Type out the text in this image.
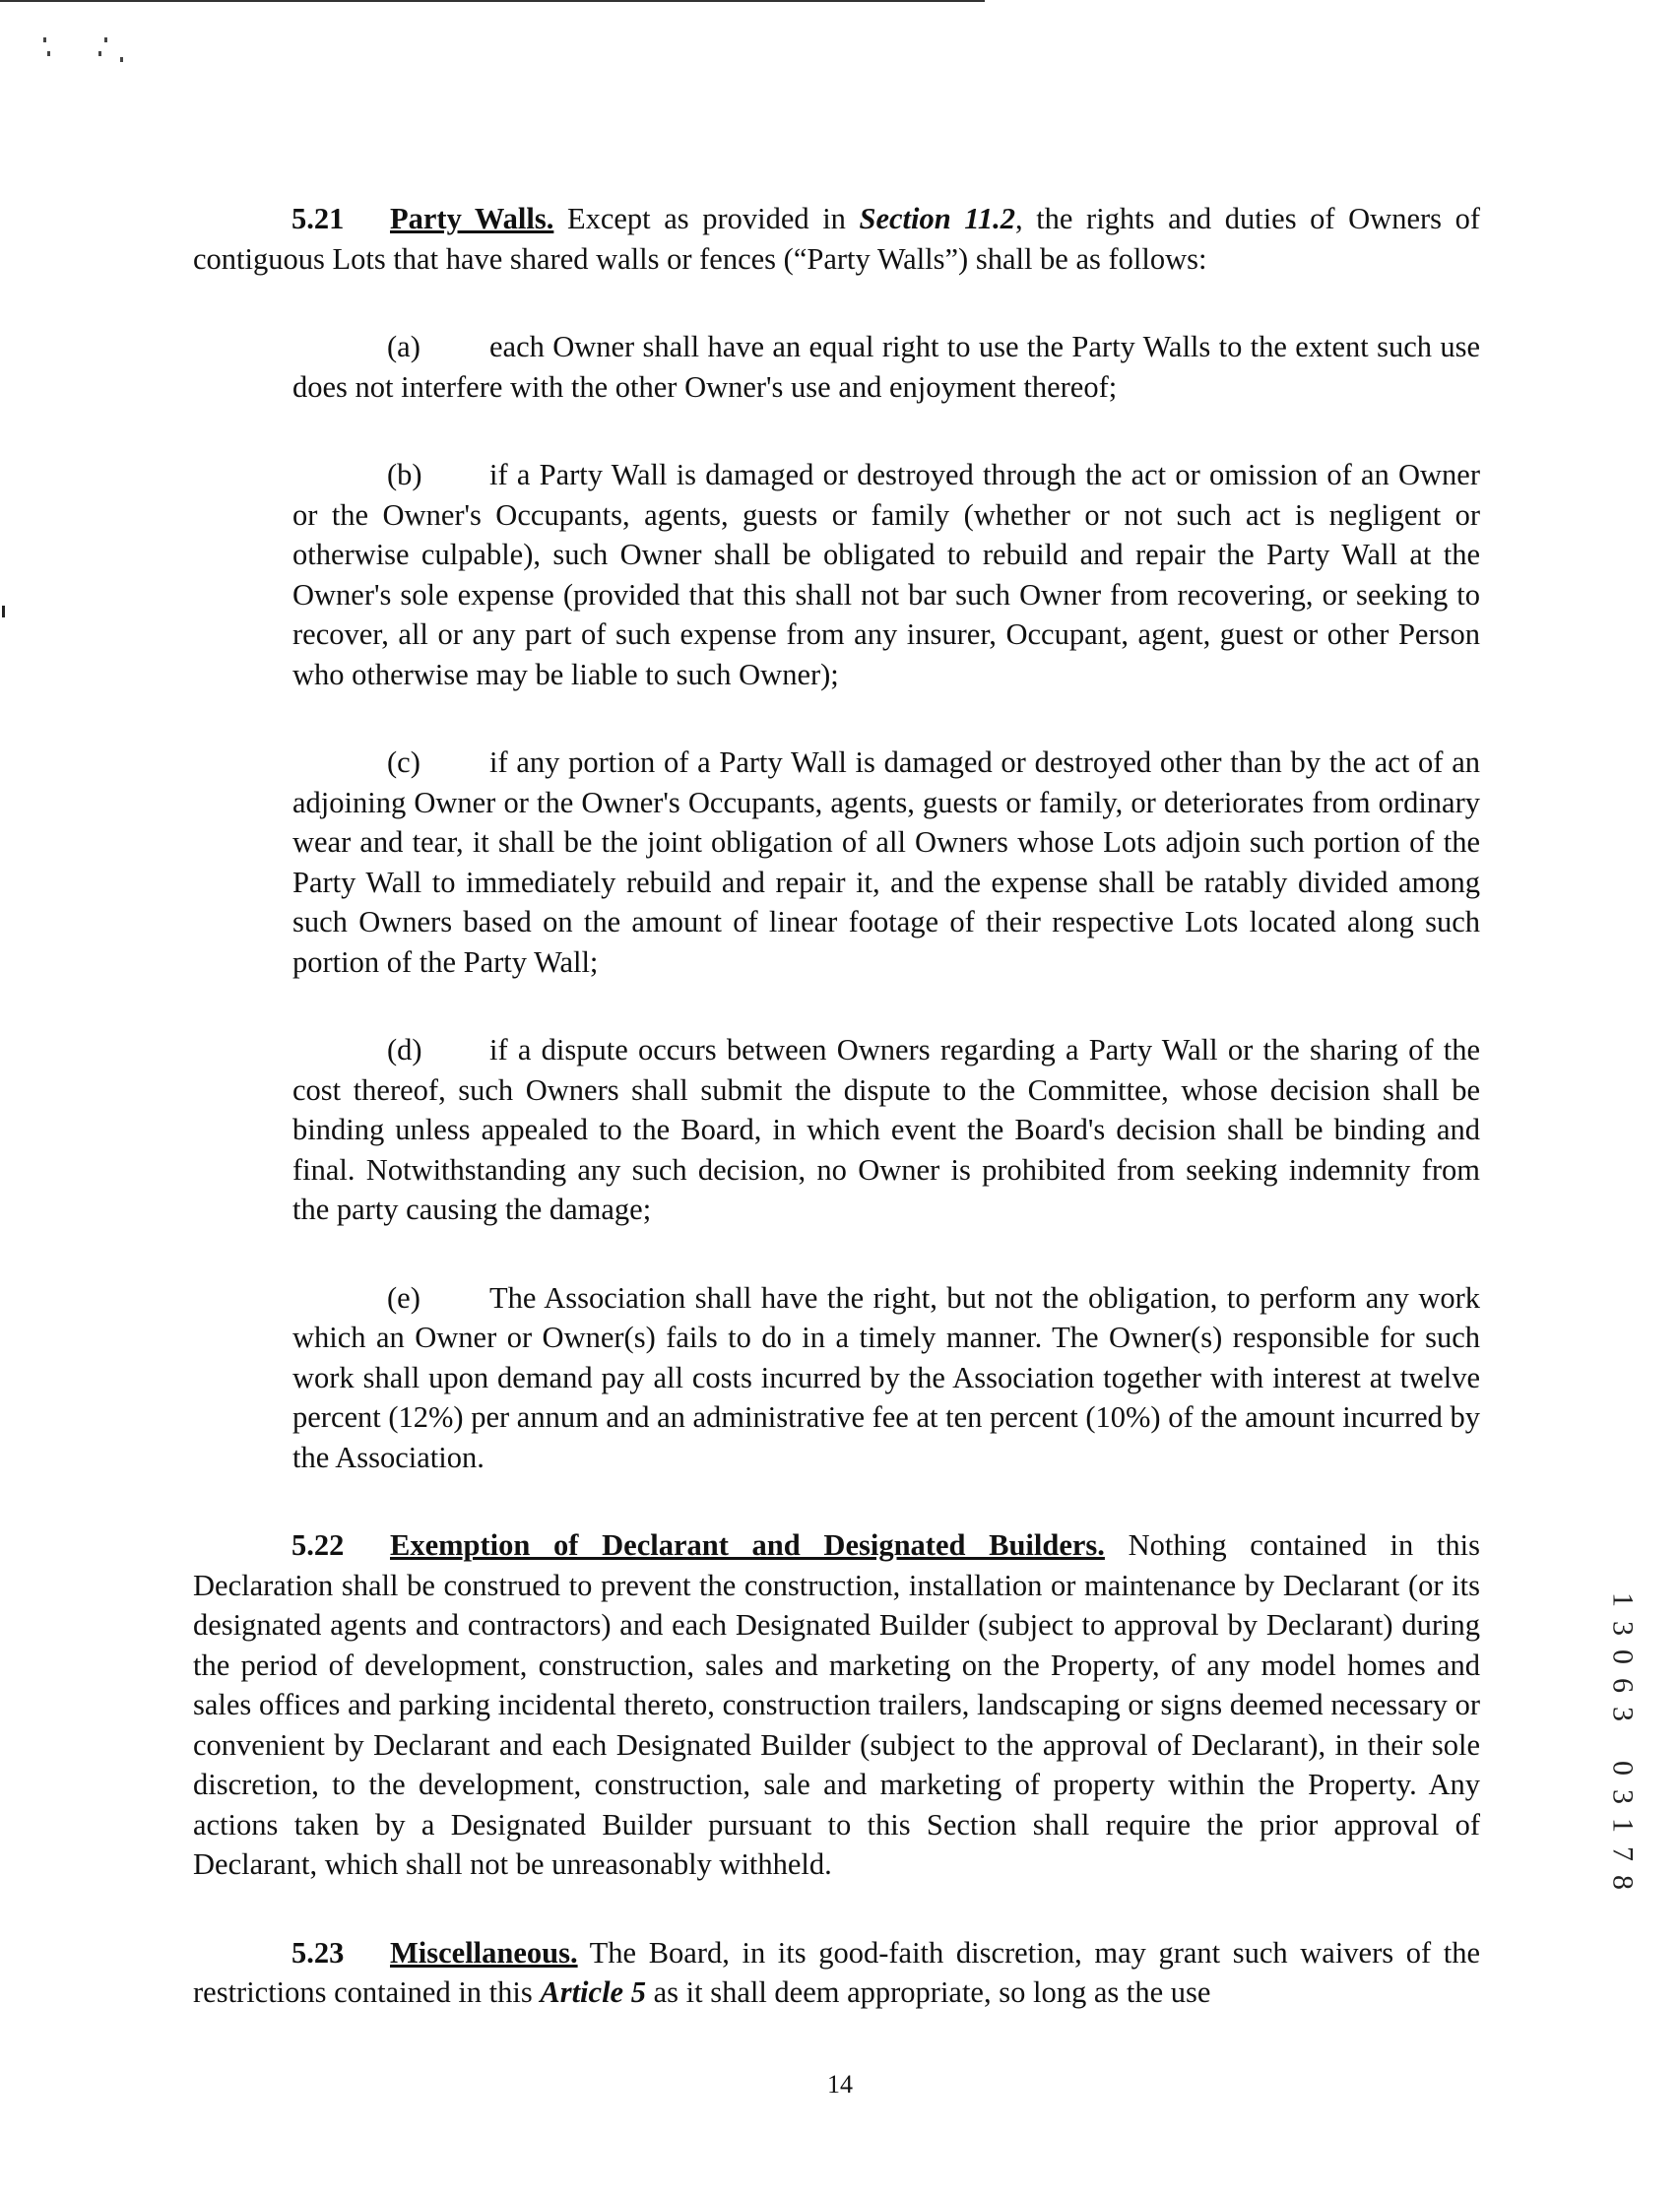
5.21 Party Walls. Except as provided in Section 11.2, the rights and duties of Owners of contiguous Lots that have shared walls or fences (“Party Walls”) shall be as follows:

(a) each Owner shall have an equal right to use the Party Walls to the extent such use does not interfere with the other Owner's use and enjoyment thereof;

(b) if a Party Wall is damaged or destroyed through the act or omission of an Owner or the Owner's Occupants, agents, guests or family (whether or not such act is negligent or otherwise culpable), such Owner shall be obligated to rebuild and repair the Party Wall at the Owner's sole expense (provided that this shall not bar such Owner from recovering, or seeking to recover, all or any part of such expense from any insurer, Occupant, agent, guest or other Person who otherwise may be liable to such Owner);

(c) if any portion of a Party Wall is damaged or destroyed other than by the act of an adjoining Owner or the Owner's Occupants, agents, guests or family, or deteriorates from ordinary wear and tear, it shall be the joint obligation of all Owners whose Lots adjoin such portion of the Party Wall to immediately rebuild and repair it, and the expense shall be ratably divided among such Owners based on the amount of linear footage of their respective Lots located along such portion of the Party Wall;

(d) if a dispute occurs between Owners regarding a Party Wall or the sharing of the cost thereof, such Owners shall submit the dispute to the Committee, whose decision shall be binding unless appealed to the Board, in which event the Board's decision shall be binding and final. Notwithstanding any such decision, no Owner is prohibited from seeking indemnity from the party causing the damage;

(e) The Association shall have the right, but not the obligation, to perform any work which an Owner or Owner(s) fails to do in a timely manner. The Owner(s) responsible for such work shall upon demand pay all costs incurred by the Association together with interest at twelve percent (12%) per annum and an administrative fee at ten percent (10%) of the amount incurred by the Association.

5.22 Exemption of Declarant and Designated Builders. Nothing contained in this Declaration shall be construed to prevent the construction, installation or maintenance by Declarant (or its designated agents and contractors) and each Designated Builder (subject to approval by Declarant) during the period of development, construction, sales and marketing on the Property, of any model homes and sales offices and parking incidental thereto, construction trailers, landscaping or signs deemed necessary or convenient by Declarant and each Designated Builder (subject to the approval of Declarant), in their sole discretion, to the development, construction, sale and marketing of property within the Property. Any actions taken by a Designated Builder pursuant to this Section shall require the prior approval of Declarant, which shall not be unreasonably withheld.

5.23 Miscellaneous. The Board, in its good-faith discretion, may grant such waivers of the restrictions contained in this Article 5 as it shall deem appropriate, so long as the use

1
3
0
6
3
0
3
1
7
8
14
